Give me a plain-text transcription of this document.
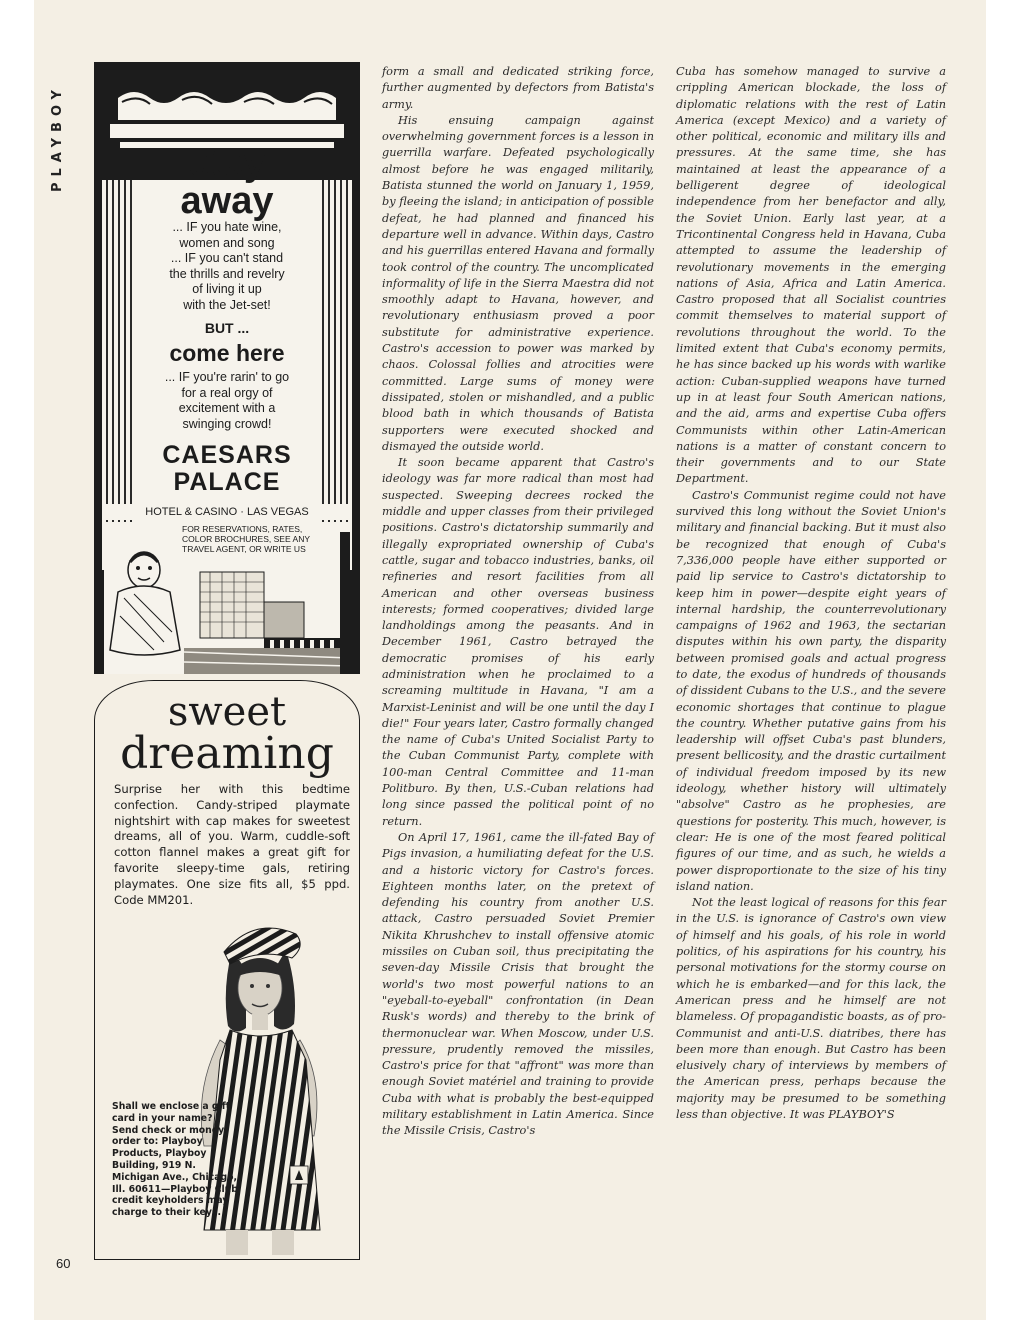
PLAYBOY
60
stay
away
... IF you hate wine,
women and song
... IF you can't stand
the thrills and revelry
of living it up
with the Jet-set!
BUT ...
come here
... IF you're rarin' to go
for a real orgy of
excitement with a
swinging crowd!
CAESARS
PALACE
HOTEL & CASINO · LAS VEGAS
FOR RESERVATIONS, RATES,
COLOR BROCHURES, SEE ANY
TRAVEL AGENT, OR WRITE US
sweet
dreaming
Surprise her with this bedtime confection. Candy-striped playmate nightshirt with cap makes for sweetest dreams, all of you. Warm, cuddle-soft cotton flannel makes a great gift for favorite sleepy-time gals, retiring playmates. One size fits all, $5 ppd. Code MM201.
Shall we enclose a gift card in your name? Send check or money order to: Playboy Products, Playboy Building, 919 N. Michigan Ave., Chicago, Ill. 60611—Playboy Club credit keyholders may charge to their keys.

form a small and dedicated striking force, further augmented by defectors from Batista's army.

His ensuing campaign against overwhelming government forces is a lesson in guerrilla warfare. Defeated psychologically almost before he was engaged militarily, Batista stunned the world on January 1, 1959, by fleeing the island; in anticipation of possible defeat, he had planned and financed his departure well in advance. Within days, Castro and his guerrillas entered Havana and formally took control of the country. The uncomplicated informality of life in the Sierra Maestra did not smoothly adapt to Havana, however, and revolutionary enthusiasm proved a poor substitute for administrative experience. Castro's accession to power was marked by chaos. Colossal follies and atrocities were committed. Large sums of money were dissipated, stolen or mishandled, and a public blood bath in which thousands of Batista supporters were executed shocked and dismayed the outside world.

It soon became apparent that Castro's ideology was far more radical than most had suspected. Sweeping decrees rocked the middle and upper classes from their privileged positions. Castro's dictatorship summarily and illegally expropriated ownership of Cuba's cattle, sugar and tobacco industries, banks, oil refineries and resort facilities from all American and other overseas business interests; formed cooperatives; divided large landholdings among the peasants. And in December 1961, Castro betrayed the democratic promises of his early administration when he proclaimed to a screaming multitude in Havana, "I am a Marxist-Leninist and will be one until the day I die!" Four years later, Castro formally changed the name of Cuba's United Socialist Party to the Cuban Communist Party, complete with 100-man Central Committee and 11-man Politburo. By then, U.S.-Cuban relations had long since passed the political point of no return.

On April 17, 1961, came the ill-fated Bay of Pigs invasion, a humiliating defeat for the U.S. and a historic victory for Castro's forces. Eighteen months later, on the pretext of defending his country from another U.S. attack, Castro persuaded Soviet Premier Nikita Khrushchev to install offensive atomic missiles on Cuban soil, thus precipitating the seven-day Missile Crisis that brought the world's two most powerful nations to an "eyeball-to-eyeball" confrontation (in Dean Rusk's words) and thereby to the brink of thermonuclear war. When Moscow, under U.S. pressure, prudently removed the missiles, Castro's price for that "affront" was more than enough Soviet matériel and training to provide Cuba with what is probably the best-equipped military establishment in Latin America. Since the Missile Crisis, Castro's

Cuba has somehow managed to survive a crippling American blockade, the loss of diplomatic relations with the rest of Latin America (except Mexico) and a variety of other political, economic and military ills and pressures. At the same time, she has maintained at least the appearance of a belligerent degree of ideological independence from her benefactor and ally, the Soviet Union. Early last year, at a Tricontinental Congress held in Havana, Cuba attempted to assume the leadership of revolutionary movements in the emerging nations of Asia, Africa and Latin America. Castro proposed that all Socialist countries commit themselves to material support of revolutions throughout the world. To the limited extent that Cuba's economy permits, he has since backed up his words with warlike action: Cuban-supplied weapons have turned up in at least four South American nations, and the aid, arms and expertise Cuba offers Communists within other Latin-American nations is a matter of constant concern to their governments and to our State Department.

Castro's Communist regime could not have survived this long without the Soviet Union's military and financial backing. But it must also be recognized that enough of Cuba's 7,336,000 people have either supported or paid lip service to Castro's dictatorship to keep him in power—despite eight years of internal hardship, the counterrevolutionary campaigns of 1962 and 1963, the sectarian disputes within his own party, the disparity between promised goals and actual progress to date, the exodus of hundreds of thousands of dissident Cubans to the U.S., and the severe economic shortages that continue to plague the country. Whether putative gains from his leadership will offset Cuba's past blunders, present bellicosity, and the drastic curtailment of individual freedom imposed by its new ideology, whether history will ultimately "absolve" Castro as he prophesies, are questions for posterity. This much, however, is clear: He is one of the most feared political figures of our time, and as such, he wields a power disproportionate to the size of his tiny island nation.

Not the least logical of reasons for this fear in the U.S. is ignorance of Castro's own view of himself and his goals, of his role in world politics, of his aspirations for his country, his personal motivations for the stormy course on which he is embarked—and for this lack, the American press and he himself are not blameless. Of propagandistic boasts, as of pro-Communist and anti-U.S. diatribes, there has been more than enough. But Castro has been elusively chary of interviews by members of the American press, perhaps because the majority may be presumed to be something less than objective. It was PLAYBOY'S
